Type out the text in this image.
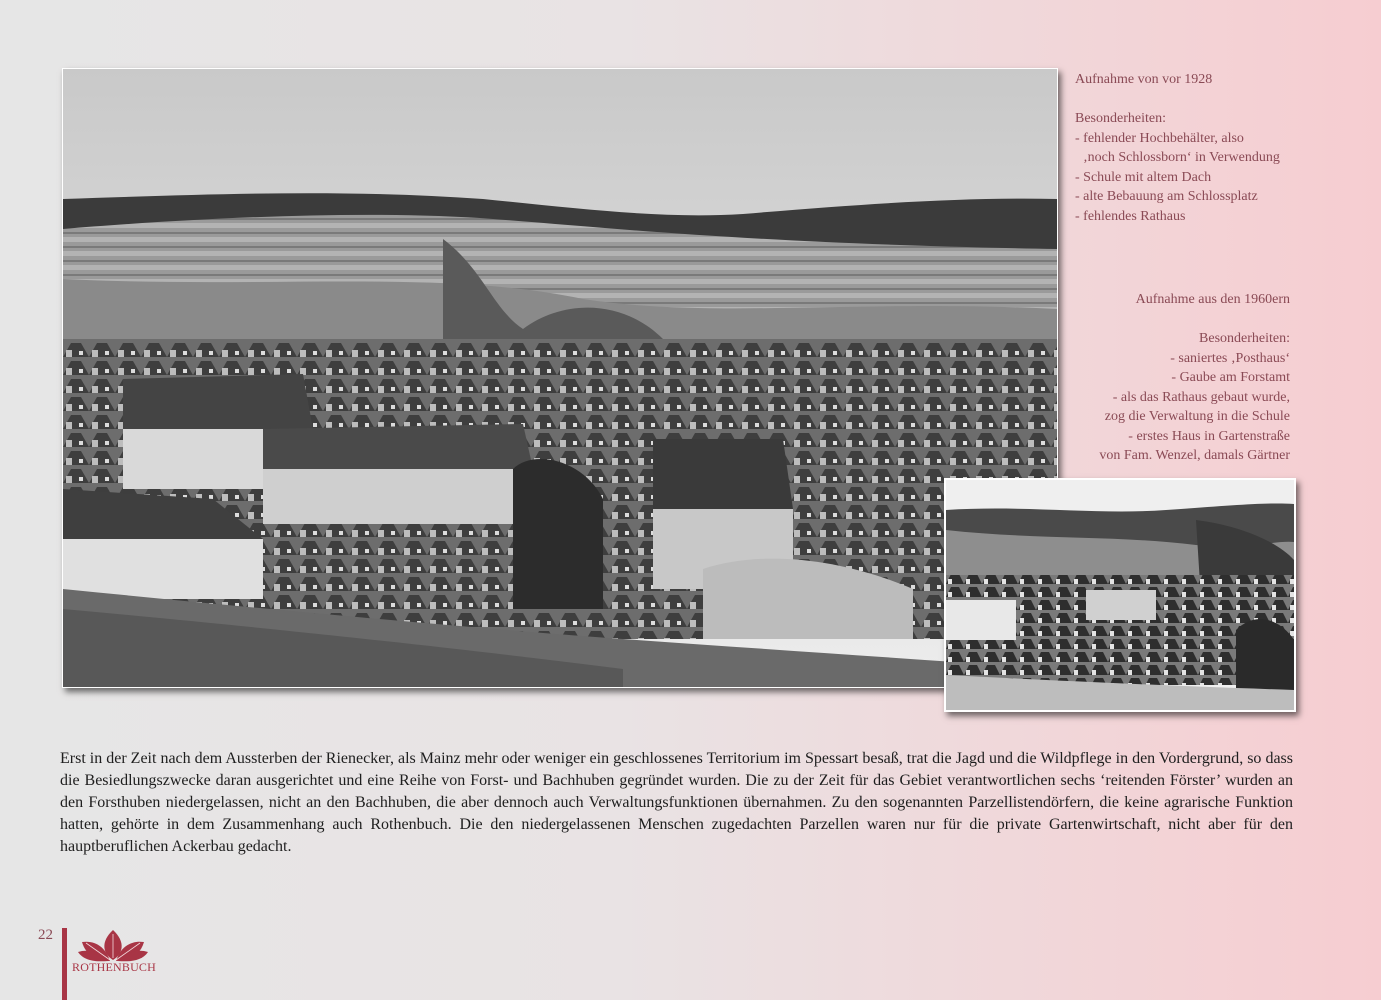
Aufnahme von vor 1928

Besonderheiten:

- fehlender Hochbehälter, also

‚noch Schlossborn‘ in Verwendung

- Schule mit altem Dach

- alte Bebauung am Schlossplatz

- fehlendes Rathaus

Aufnahme aus den 1960ern

Besonderheiten:

- saniertes ‚Posthaus‘

- Gaube am Forstamt

- als das Rathaus gebaut wurde,

zog die Verwaltung in die Schule

- erstes Haus in Gartenstraße

von Fam. Wenzel, damals Gärtner

Erst in der Zeit nach dem Aussterben der Rienecker, als Mainz mehr oder weniger ein geschlossenes Territorium im Spessart besaß, trat die Jagd und die Wildpflege in den Vordergrund, so dass die Besiedlungszwecke daran ausgerichtet und eine Reihe von Forst- und Bachhuben gegründet wurden. Die zu der Zeit für das Gebiet verantwortlichen sechs ‘reitenden Förster’ wurden an den Forsthuben niedergelassen, nicht an den Bachhuben, die aber dennoch auch Verwaltungsfunktionen übernahmen. Zu den sogenannten Parzellistendörfern, die keine agrarische Funktion hatten, gehörte in dem Zusammenhang auch Rothenbuch. Die den niedergelassenen Menschen zugedachten Parzellen waren nur für die private Gartenwirtschaft, nicht aber für den hauptberuflichen Ackerbau gedacht.

22
ROTHENBUCH
